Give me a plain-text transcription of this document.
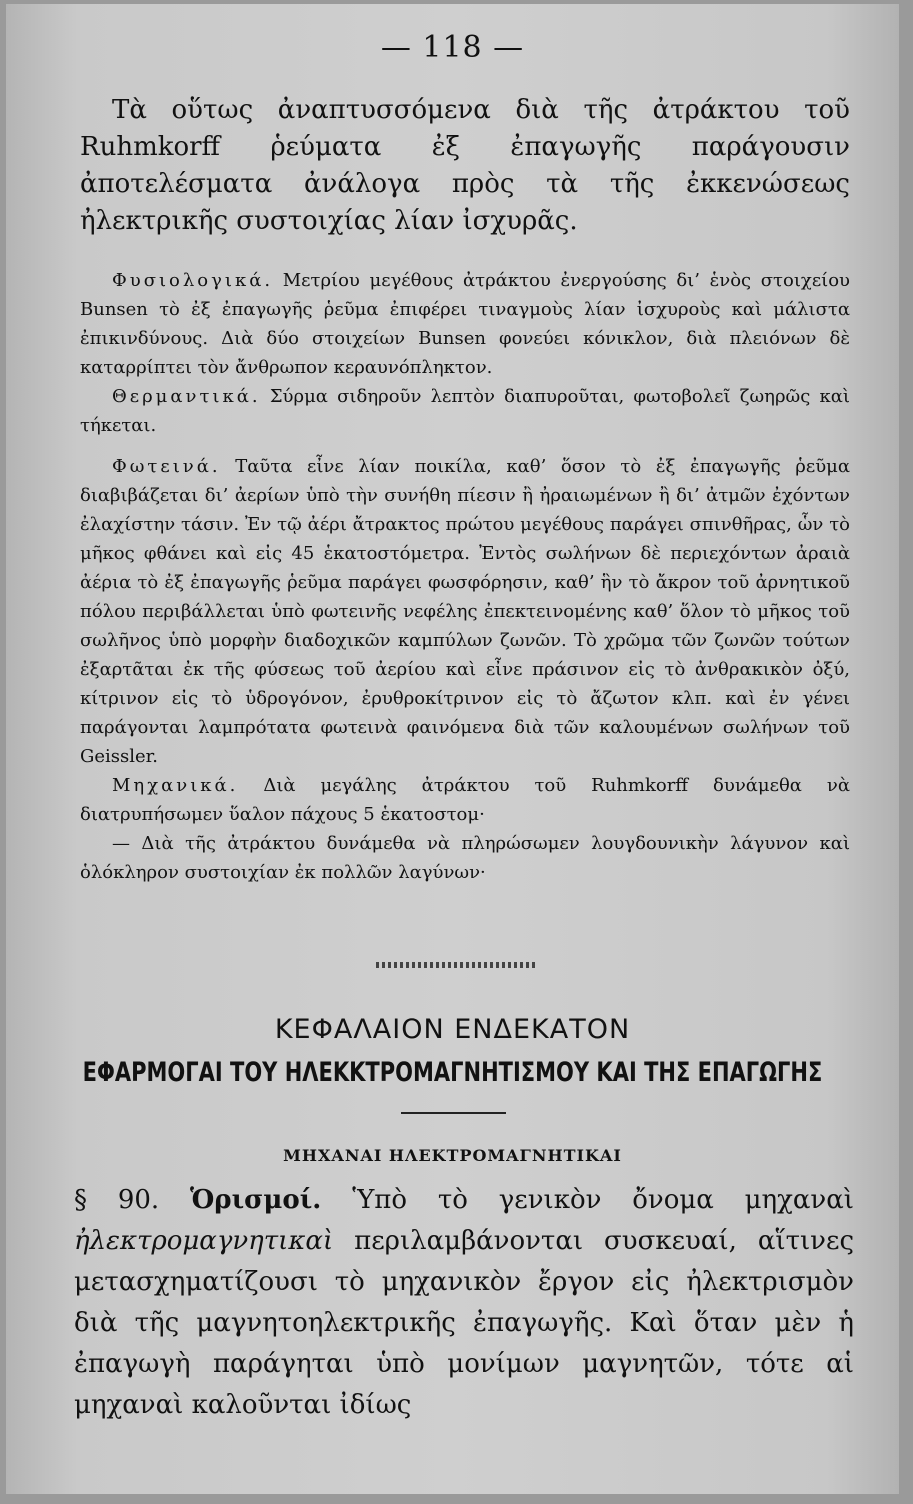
— 118 —

Τὰ οὕτως ἀναπτυσσόμενα διὰ τῆς ἀτράκτου τοῦ Ruhmkorff ῥεύματα ἐξ ἐπαγωγῆς παράγουσιν ἀποτελέσματα ἀνάλογα πρὸς τὰ τῆς ἐκκενώσεως ἠλεκτρικῆς συστοιχίας λίαν ἰσχυρᾶς.

Φυσιολογικά. Μετρίου μεγέθους ἀτράκτου ἐνεργούσης δι’ ἑνὸς στοιχείου Bunsen τὸ ἐξ ἐπαγωγῆς ῥεῦμα ἐπιφέρει τιναγμοὺς λίαν ἰσχυροὺς καὶ μάλιστα ἐπικινδύνους. Διὰ δύο στοιχείων Bunsen φονεύει κόνικλον, διὰ πλειόνων δὲ καταρρίπτει τὸν ἄνθρωπον κεραυνόπληκτον.

Θερμαντικά. Σύρμα σιδηροῦν λεπτὸν διαπυροῦται, φωτοβολεῖ ζωηρῶς καὶ τήκεται.

Φωτεινά. Ταῦτα εἶνε λίαν ποικίλα, καθ’ ὅσον τὸ ἐξ ἐπαγωγῆς ῥεῦμα διαβιβάζεται δι’ ἀερίων ὑπὸ τὴν συνήθη πίεσιν ἢ ἠραιωμένων ἢ δι’ ἀτμῶν ἐχόντων ἐλαχίστην τάσιν. Ἐν τῷ ἀέρι ἄτρακτος πρώτου μεγέθους παράγει σπινθῆρας, ὧν τὸ μῆκος φθάνει καὶ εἰς 45 ἑκατοστόμετρα. Ἐντὸς σωλήνων δὲ περιεχόντων ἀραιὰ ἀέρια τὸ ἐξ ἐπαγωγῆς ῥεῦμα παράγει φωσφόρησιν, καθ’ ἣν τὸ ἄκρον τοῦ ἀρνητικοῦ πόλου περιβάλλεται ὑπὸ φωτεινῆς νεφέλης ἐπεκτεινομένης καθ’ ὅλον τὸ μῆκος τοῦ σωλῆνος ὑπὸ μορφὴν διαδοχικῶν καμπύλων ζωνῶν. Τὸ χρῶμα τῶν ζωνῶν τούτων ἐξαρτᾶται ἐκ τῆς φύσεως τοῦ ἀερίου καὶ εἶνε πράσινον εἰς τὸ ἀνθρακικὸν ὀξύ, κίτρινον εἰς τὸ ὑδρογόνον, ἐρυθροκίτρινον εἰς τὸ ἄζωτον κλπ. καὶ ἐν γένει παράγονται λαμπρότατα φωτεινὰ φαινόμενα διὰ τῶν καλουμένων σωλήνων τοῦ Geissler.

Μηχανικά. Διὰ μεγάλης ἀτράκτου τοῦ Ruhmkorff δυνάμεθα νὰ διατρυπήσωμεν ὕαλον πάχους 5 ἑκατοστομ·

— Διὰ τῆς ἀτράκτου δυνάμεθα νὰ πληρώσωμεν λουγδουνικὴν λάγυνον καὶ ὁλόκληρον συστοιχίαν ἐκ πολλῶν λαγύνων·

ΚΕΦΑΛΑΙΟΝ ΕΝΔΕΚΑΤΟΝ
ΕΦΑΡΜΟΓΑΙ ΤΟΥ ΗΛΕΚΚΤΡΟΜΑΓΝΗΤΙΣΜΟΥ ΚΑΙ ΤΗΣ ΕΠΑΓΩΓΗΣ
ΜΗΧΑΝΑΙ ΗΛΕΚΤΡΟΜΑΓΝΗΤΙΚΑΙ
§ 90. Ὁρισμοί. Ὑπὸ τὸ γενικὸν ὄνομα μηχαναὶ ἠλεκτρομαγνητικαὶ περιλαμβάνονται συσκευαί, αἵτινες μετασχηματίζουσι τὸ μηχανικὸν ἔργον εἰς ἠλεκτρισμὸν διὰ τῆς μαγνητοηλεκτρικῆς ἐπαγωγῆς. Καὶ ὅταν μὲν ἡ ἐπαγωγὴ παράγηται ὑπὸ μονίμων μαγνητῶν, τότε αἱ μηχαναὶ καλοῦνται ἰδίως
